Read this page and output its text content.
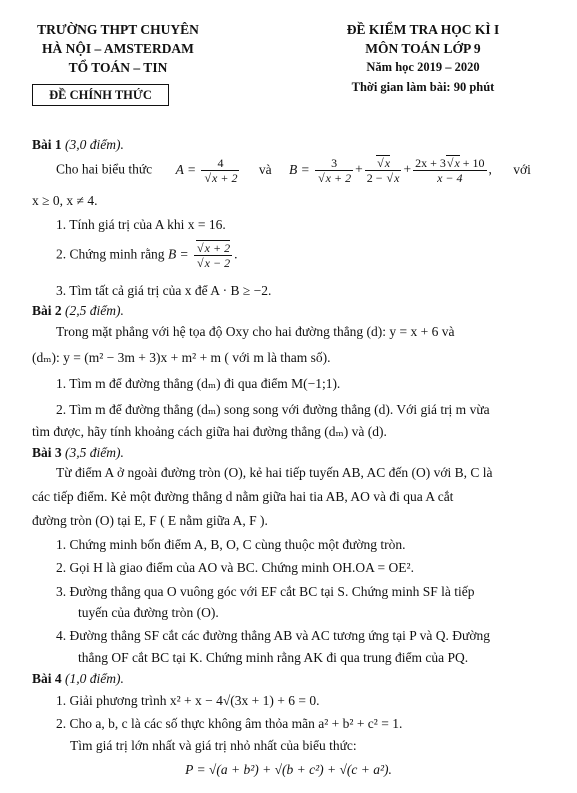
TRƯỜNG THPT CHUYÊN
HÀ NỘI – AMSTERDAM
TỔ TOÁN – TIN
ĐỀ CHÍNH THỨC
ĐỀ KIỂM TRA HỌC KÌ I
MÔN TOÁN LỚP 9
Năm học 2019 – 2020
Thời gian làm bài: 90 phút
Bài 1 (3,0 điểm).
Cho hai biểu thức A = 4
√ x + 2 và B = 3
√ x + 2 + √ $\frac{x}{2 - √ x} + \frac{2x + 3 √ x + 10}{x - 4}$ , với
x ≥ 0, x ≠ 4.
1. Tính giá trị của A khi x = 16.
2. Chứng minh rằng B = √ x + 2
√ x − 2 .
3. Tìm tất cả giá trị của x để A · B ≥ −2.
Bài 2 (2,5 điểm).
Trong mặt phẳng với hệ tọa độ Oxy cho hai đường thẳng (d): y = x + 6 và
(dₘ): y = (m² − 3m + 3)x + m² + m ( với m là tham số).
1. Tìm m để đường thẳng (dₘ) đi qua điểm M(−1;1).
2. Tìm m để đường thẳng (dₘ) song song với đường thẳng (d). Với giá trị m vừa
tìm được, hãy tính khoảng cách giữa hai đường thẳng (dₘ) và (d).
Bài 3 (3,5 điểm).
Từ điểm A ở ngoài đường tròn (O), kẻ hai tiếp tuyến AB, AC đến (O) với B, C là
các tiếp điểm. Kẻ một đường thẳng d nằm giữa hai tia AB, AO và đi qua A cắt
đường tròn (O) tại E, F ( E nằm giữa A, F ).
1. Chứng minh bốn điểm A, B, O, C cùng thuộc một đường tròn.
2. Gọi H là giao điểm của AO và BC. Chứng minh OH.OA = OE².
3. Đường thẳng qua O vuông góc với EF cắt BC tại S. Chứng minh SF là tiếp
tuyến của đường tròn (O).
4. Đường thẳng SF cắt các đường thẳng AB và AC tương ứng tại P và Q. Đường
thẳng OF cắt BC tại K. Chứng minh rằng AK đi qua trung điểm của PQ.
Bài 4 (1,0 điểm).
1. Giải phương trình x² + x − 4√(3x + 1) + 6 = 0.
2. Cho a, b, c là các số thực không âm thỏa mãn a² + b² + c² = 1.
Tìm giá trị lớn nhất và giá trị nhỏ nhất của biểu thức:
P = √(a + b²) + √(b + c²) + √(c + a²).
